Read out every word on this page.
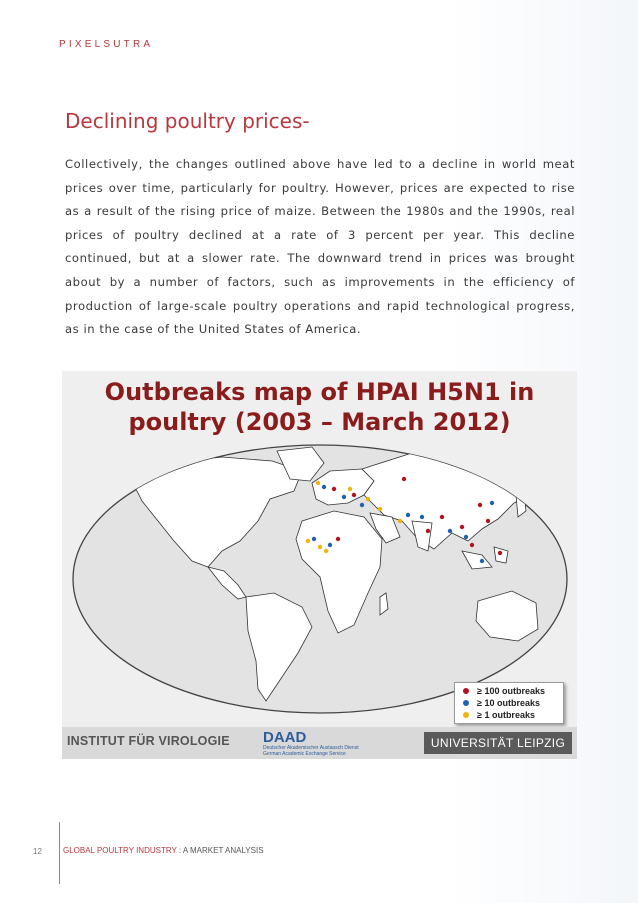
PIXELSUTRA
Declining poultry prices-

Collectively, the changes outlined above have led to a decline in world meat prices over time, particularly for poultry. However, prices are expected to rise as a result of the rising price of maize. Between the 1980s and the 1990s, real prices of poultry declined at a rate of 3 percent per year. This decline continued, but at a slower rate. The downward trend in prices was brought about by a number of factors, such as improvements in the efficiency of production of large-scale poultry operations and rapid technological progress, as in the case of the United States of America.

Outbreaks map of HPAI H5N1 in
poultry (2003 – March 2012)
≥ 100 outbreaks
≥ 10 outbreaks
≥ 1 outbreaks
INSTITUT FÜR VIROLOGIE DAAD
Deutscher Akademischer Austausch Dienst
German Academic Exchange Service
UNIVERSITÄT LEIPZIG
12	GLOBAL POULTRY INDUSTRY : A MARKET ANALYSIS
